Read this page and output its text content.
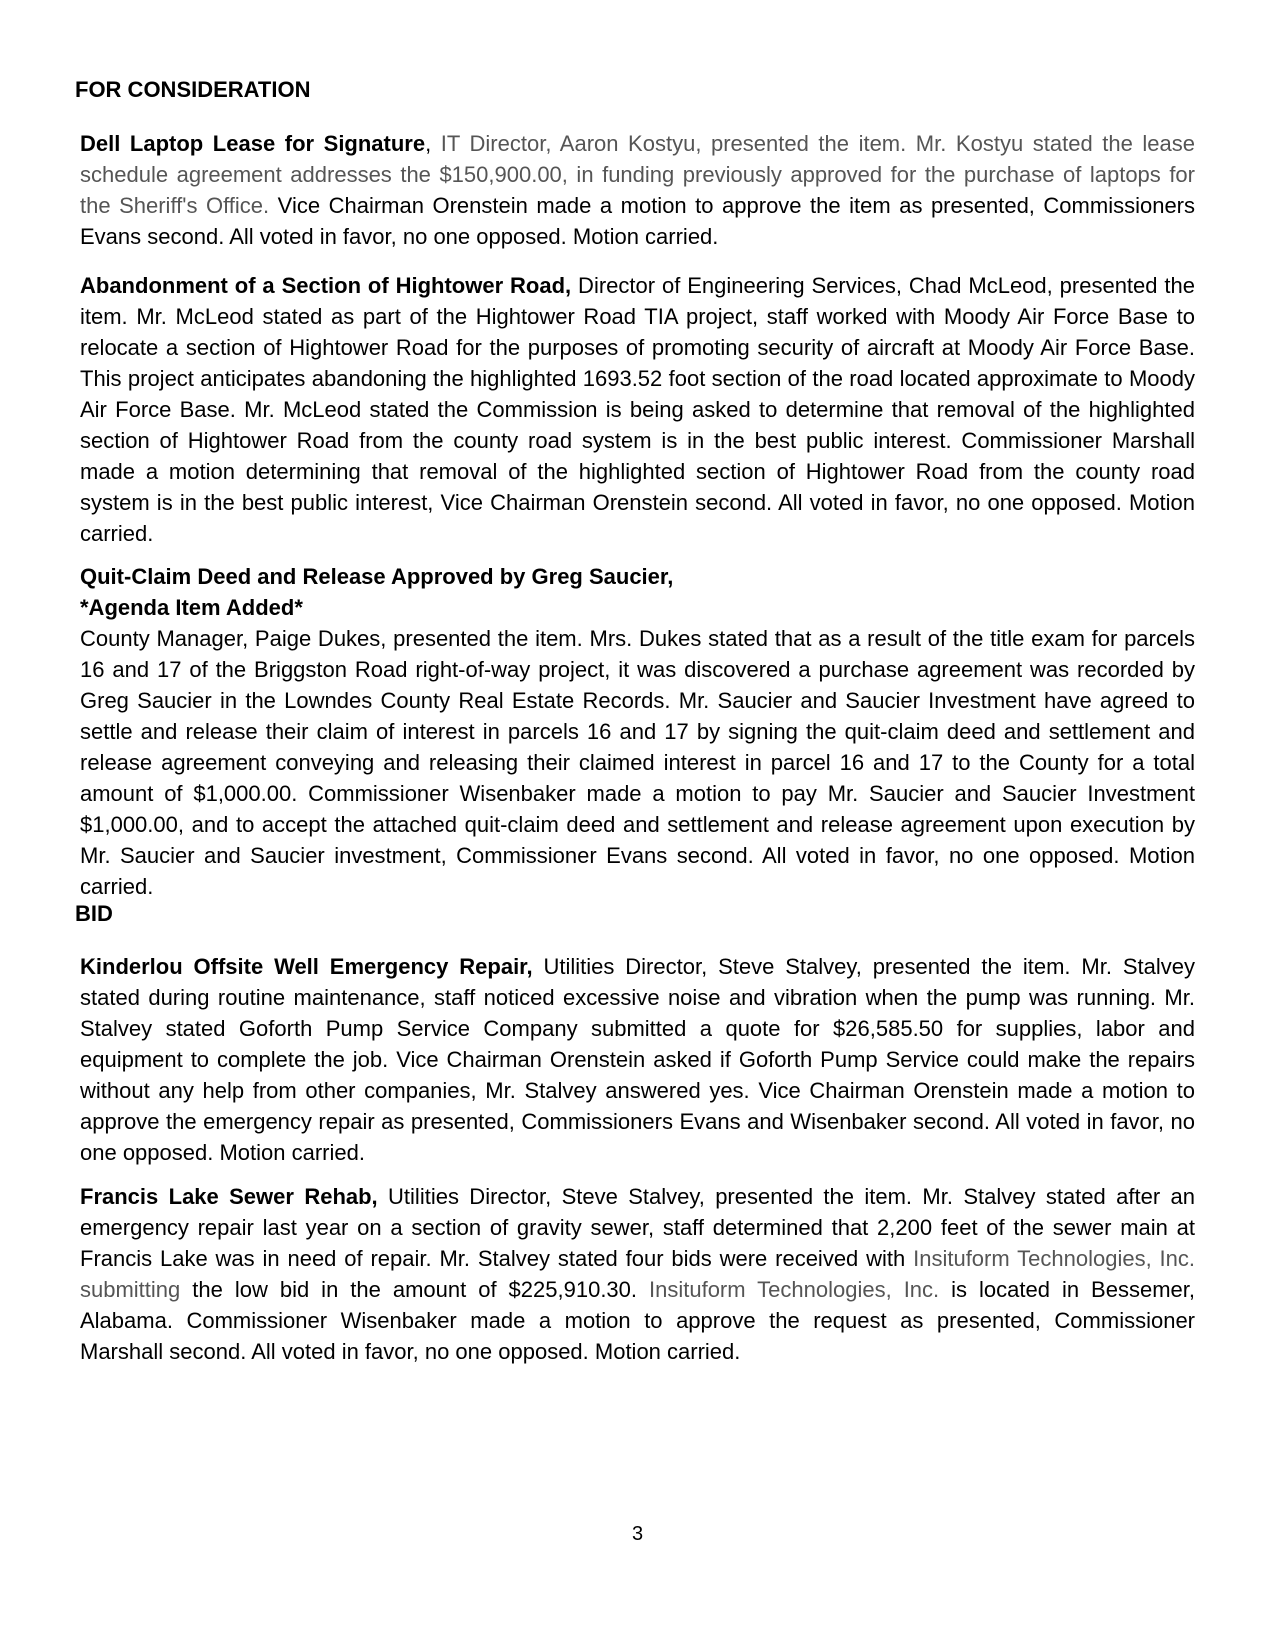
FOR CONSIDERATION

Dell Laptop Lease for Signature, IT Director, Aaron Kostyu, presented the item. Mr. Kostyu stated the lease schedule agreement addresses the $150,900.00, in funding previously approved for the purchase of laptops for the Sheriff's Office. Vice Chairman Orenstein made a motion to approve the item as presented, Commissioners Evans second. All voted in favor, no one opposed. Motion carried.

Abandonment of a Section of Hightower Road, Director of Engineering Services, Chad McLeod, presented the item. Mr. McLeod stated as part of the Hightower Road TIA project, staff worked with Moody Air Force Base to relocate a section of Hightower Road for the purposes of promoting security of aircraft at Moody Air Force Base. This project anticipates abandoning the highlighted 1693.52 foot section of the road located approximate to Moody Air Force Base. Mr. McLeod stated the Commission is being asked to determine that removal of the highlighted section of Hightower Road from the county road system is in the best public interest. Commissioner Marshall made a motion determining that removal of the highlighted section of Hightower Road from the county road system is in the best public interest, Vice Chairman Orenstein second. All voted in favor, no one opposed. Motion carried.

Quit-Claim Deed and Release Approved by Greg Saucier,
*Agenda Item Added*
County Manager, Paige Dukes, presented the item. Mrs. Dukes stated that as a result of the title exam for parcels 16 and 17 of the Briggston Road right-of-way project, it was discovered a purchase agreement was recorded by Greg Saucier in the Lowndes County Real Estate Records. Mr. Saucier and Saucier Investment have agreed to settle and release their claim of interest in parcels 16 and 17 by signing the quit-claim deed and settlement and release agreement conveying and releasing their claimed interest in parcel 16 and 17 to the County for a total amount of $1,000.00. Commissioner Wisenbaker made a motion to pay Mr. Saucier and Saucier Investment $1,000.00, and to accept the attached quit-claim deed and settlement and release agreement upon execution by Mr. Saucier and Saucier investment, Commissioner Evans second. All voted in favor, no one opposed. Motion carried.

BID

Kinderlou Offsite Well Emergency Repair, Utilities Director, Steve Stalvey, presented the item. Mr. Stalvey stated during routine maintenance, staff noticed excessive noise and vibration when the pump was running. Mr. Stalvey stated Goforth Pump Service Company submitted a quote for $26,585.50 for supplies, labor and equipment to complete the job. Vice Chairman Orenstein asked if Goforth Pump Service could make the repairs without any help from other companies, Mr. Stalvey answered yes. Vice Chairman Orenstein made a motion to approve the emergency repair as presented, Commissioners Evans and Wisenbaker second. All voted in favor, no one opposed. Motion carried.

Francis Lake Sewer Rehab, Utilities Director, Steve Stalvey, presented the item. Mr. Stalvey stated after an emergency repair last year on a section of gravity sewer, staff determined that 2,200 feet of the sewer main at Francis Lake was in need of repair. Mr. Stalvey stated four bids were received with Insituform Technologies, Inc. submitting the low bid in the amount of $225,910.30. Insituform Technologies, Inc. is located in Bessemer, Alabama. Commissioner Wisenbaker made a motion to approve the request as presented, Commissioner Marshall second. All voted in favor, no one opposed. Motion carried.

3
